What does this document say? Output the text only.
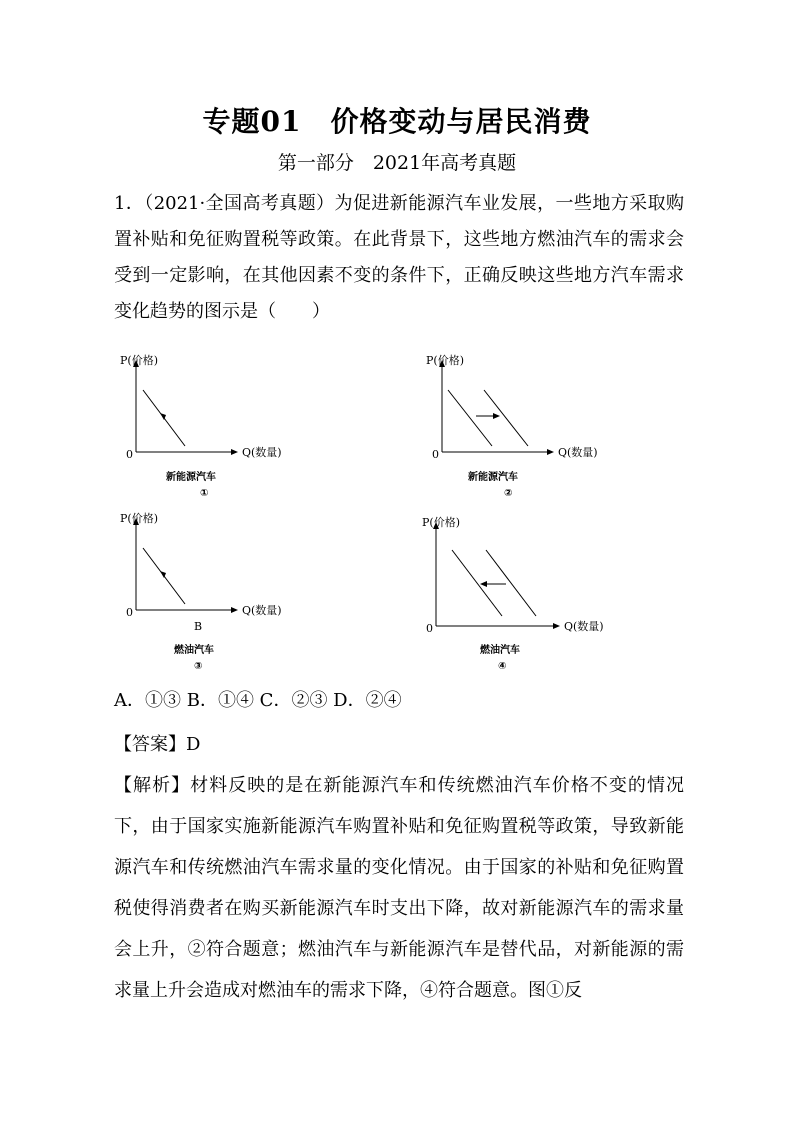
专题01　价格变动与居民消费
第一部分　2021年高考真题
1．（2021·全国高考真题）为促进新能源汽车业发展，一些地方采取购置补贴和免征购置税等政策。在此背景下，这些地方燃油汽车的需求会受到一定影响，在其他因素不变的条件下，正确反映这些地方汽车需求变化趋势的图示是（　　）
P(价格)
Q(数量)
0
新能源汽车
①
P(价格)
Q(数量)
0
新能源汽车
②
P(价格)
Q(数量)
0
B
燃油汽车
③
P(价格)
Q(数量)
0
燃油汽车
④
A．①③ B．①④ C．②③ D．②④
【答案】D
【解析】材料反映的是在新能源汽车和传统燃油汽车价格不变的情况下，由于国家实施新能源汽车购置补贴和免征购置税等政策，导致新能源汽车和传统燃油汽车需求量的变化情况。由于国家的补贴和免征购置税使得消费者在购买新能源汽车时支出下降，故对新能源汽车的需求量会上升，②符合题意；燃油汽车与新能源汽车是替代品，对新能源的需求量上升会造成对燃油车的需求下降，④符合题意。图①反
